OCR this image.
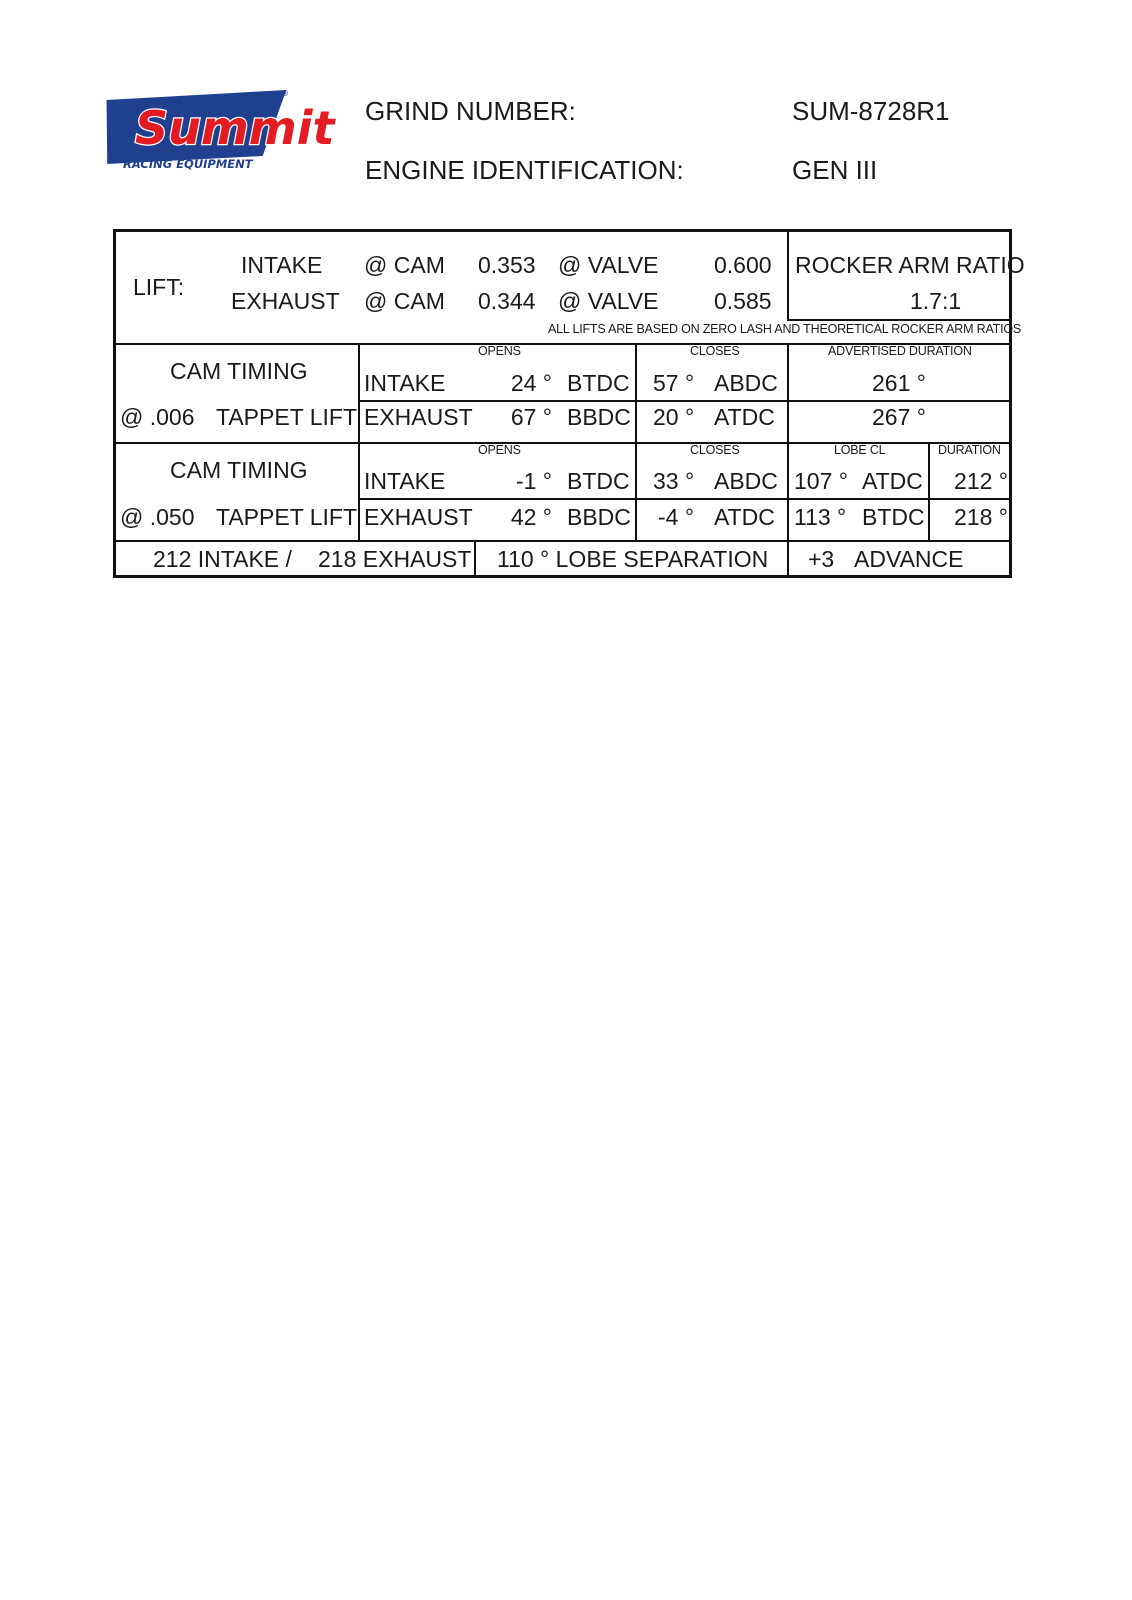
Summit
RACING EQUIPMENT
®
GRIND NUMBER:	SUM-8728R1
ENGINE IDENTIFICATION:	GEN III
LIFT:
INTAKE @ CAM 0.353 @ VALVE 0.600
EXHAUST @ CAM 0.344 @ VALVE 0.585
ROCKER ARM RATIO
1.7:1
ALL LIFTS ARE BASED ON ZERO LASH AND THEORETICAL ROCKER ARM RATIOS
CAM TIMING
@ .006 TAPPET LIFT
OPENS	CLOSES	ADVERTISED DURATION
INTAKE	24 ° BTDC 57 ° ABDC	261 °
EXHAUST	67 ° BBDC 20 ° ATDC	267 °
CAM TIMING
@ .050 TAPPET LIFT
OPENS	CLOSES	LOBE CL	DURATION
INTAKE	-1 ° BTDC 33 ° ABDC 107 ° ATDC	212 °
EXHAUST	42 ° BBDC -4 ° ATDC 113 ° BTDC	218 °
212 INTAKE / 218 EXHAUST 110 ° LOBE SEPARATION +3 ADVANCE
